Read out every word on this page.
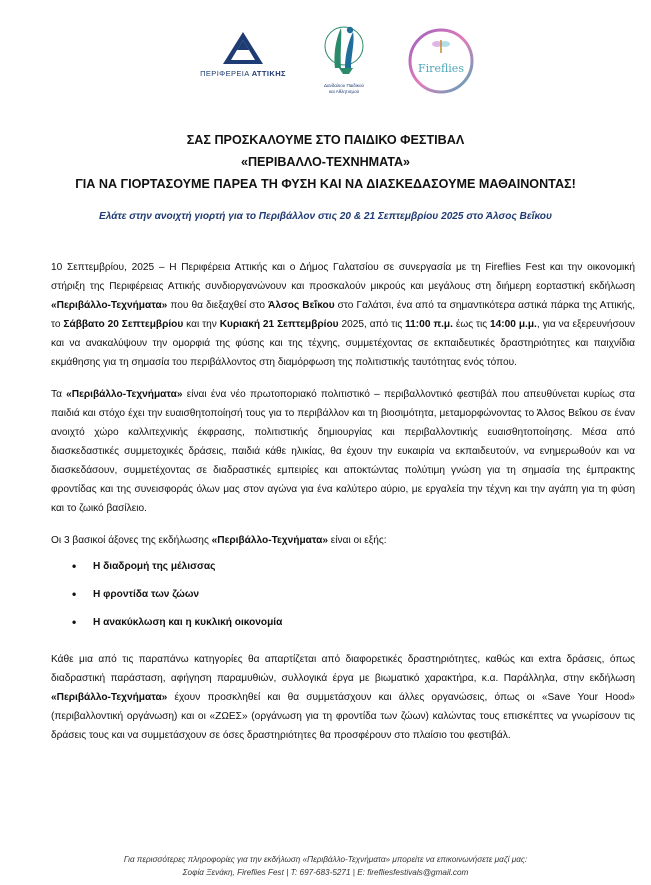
ΠΕΡΙΦΕΡΕΙΑ ΑΤΤΙΚΗΣ
Δανδαλιου Παιδικού
και Αθλητισμού
Fireflies
ΣΑΣ ΠΡΟΣΚΑΛΟΥΜΕ ΣΤΟ ΠΑΙΔΙΚΟ ΦΕΣΤΙΒΑΛ
«ΠΕΡΙΒΑΛΛΟ-ΤΕΧΝΗΜΑΤΑ»
ΓΙΑ ΝΑ ΓΙΟΡΤΑΣΟΥΜΕ ΠΑΡΕΑ ΤΗ ΦΥΣΗ ΚΑΙ ΝΑ ΔΙΑΣΚΕΔΑΣΟΥΜΕ ΜΑΘΑΙΝΟΝΤΑΣ!
Ελάτε στην ανοιχτή γιορτή για το Περιβάλλον στις 20 & 21 Σεπτεμβρίου 2025 στο Άλσος Βεΐκου

10 Σεπτεμβρίου, 2025 – Η Περιφέρεια Αττικής και ο Δήμος Γαλατσίου σε συνεργασία με τη Fireflies Fest και την οικονομική στήριξη της Περιφέρειας Αττικής συνδιοργανώνουν και προσκαλούν μικρούς και μεγάλους στη διήμερη εορταστική εκδήλωση «Περιβάλλο-Τεχνήματα» που θα διεξαχθεί στο Άλσος Βεΐκου στο Γαλάτσι, ένα από τα σημαντικότερα αστικά πάρκα της Αττικής, το Σάββατο 20 Σεπτεμβρίου και την Κυριακή 21 Σεπτεμβρίου 2025, από τις 11:00 π.μ. έως τις 14:00 μ.μ., για να εξερευνήσουν και να ανακαλύψουν την ομορφιά της φύσης και της τέχνης, συμμετέχοντας σε εκπαιδευτικές δραστηριότητες και παιχνίδια εκμάθησης για τη σημασία του περιβάλλοντος στη διαμόρφωση της πολιτιστικής ταυτότητας ενός τόπου.

Τα «Περιβάλλο-Τεχνήματα» είναι ένα νέο πρωτοποριακό πολιτιστικό – περιβαλλοντικό φεστιβάλ που απευθύνεται κυρίως στα παιδιά και στόχο έχει την ευαισθητοποίησή τους για το περιβάλλον και τη βιοσιμότητα, μεταμορφώνοντας το Άλσος Βεΐκου σε έναν ανοιχτό χώρο καλλιτεχνικής έκφρασης, πολιτιστικής δημιουργίας και περιβαλλοντικής ευαισθητοποίησης. Μέσα από διασκεδαστικές συμμετοχικές δράσεις, παιδιά κάθε ηλικίας, θα έχουν την ευκαιρία να εκπαιδευτούν, να ενημερωθούν και να διασκεδάσουν, συμμετέχοντας σε διαδραστικές εμπειρίες και αποκτώντας πολύτιμη γνώση για τη σημασία της έμπρακτης φροντίδας και της συνεισφοράς όλων μας στον αγώνα για ένα καλύτερο αύριο, με εργαλεία την τέχνη και την αγάπη για τη φύση και το ζωικό βασίλειο.

Οι 3 βασικοί άξονες της εκδήλωσης «Περιβάλλο-Τεχνήματα» είναι οι εξής:

• Η διαδρομή της μέλισσας
• Η φροντίδα των ζώων
• Η ανακύκλωση και η κυκλική οικονομία

Κάθε μια από τις παραπάνω κατηγορίες θα απαρτίζεται από διαφορετικές δραστηριότητες, καθώς και extra δράσεις, όπως διαδραστική παράσταση, αφήγηση παραμυθιών, συλλογικά έργα με βιωματικό χαρακτήρα, κ.α. Παράλληλα, στην εκδήλωση «Περιβάλλο-Τεχνήματα» έχουν προσκληθεί και θα συμμετάσχουν και άλλες οργανώσεις, όπως οι «Save Your Hood» (περιβαλλοντική οργάνωση) και οι «ΖΩΕΣ» (οργάνωση για τη φροντίδα των ζώων) καλώντας τους επισκέπτες να γνωρίσουν τις δράσεις τους και να συμμετάσχουν σε όσες δραστηριότητες θα προσφέρουν στο πλαίσιο του φεστιβάλ.

Για περισσότερες πληροφορίες για την εκδήλωση «Περιβάλλο-Τεχνήματα» μπορείτε να επικοινωνήσετε μαζί μας:
Σοφία Ξενάκη, Fireflies Fest | T: 697-683-5271 | E: firefliesfestivals@gmail.com
